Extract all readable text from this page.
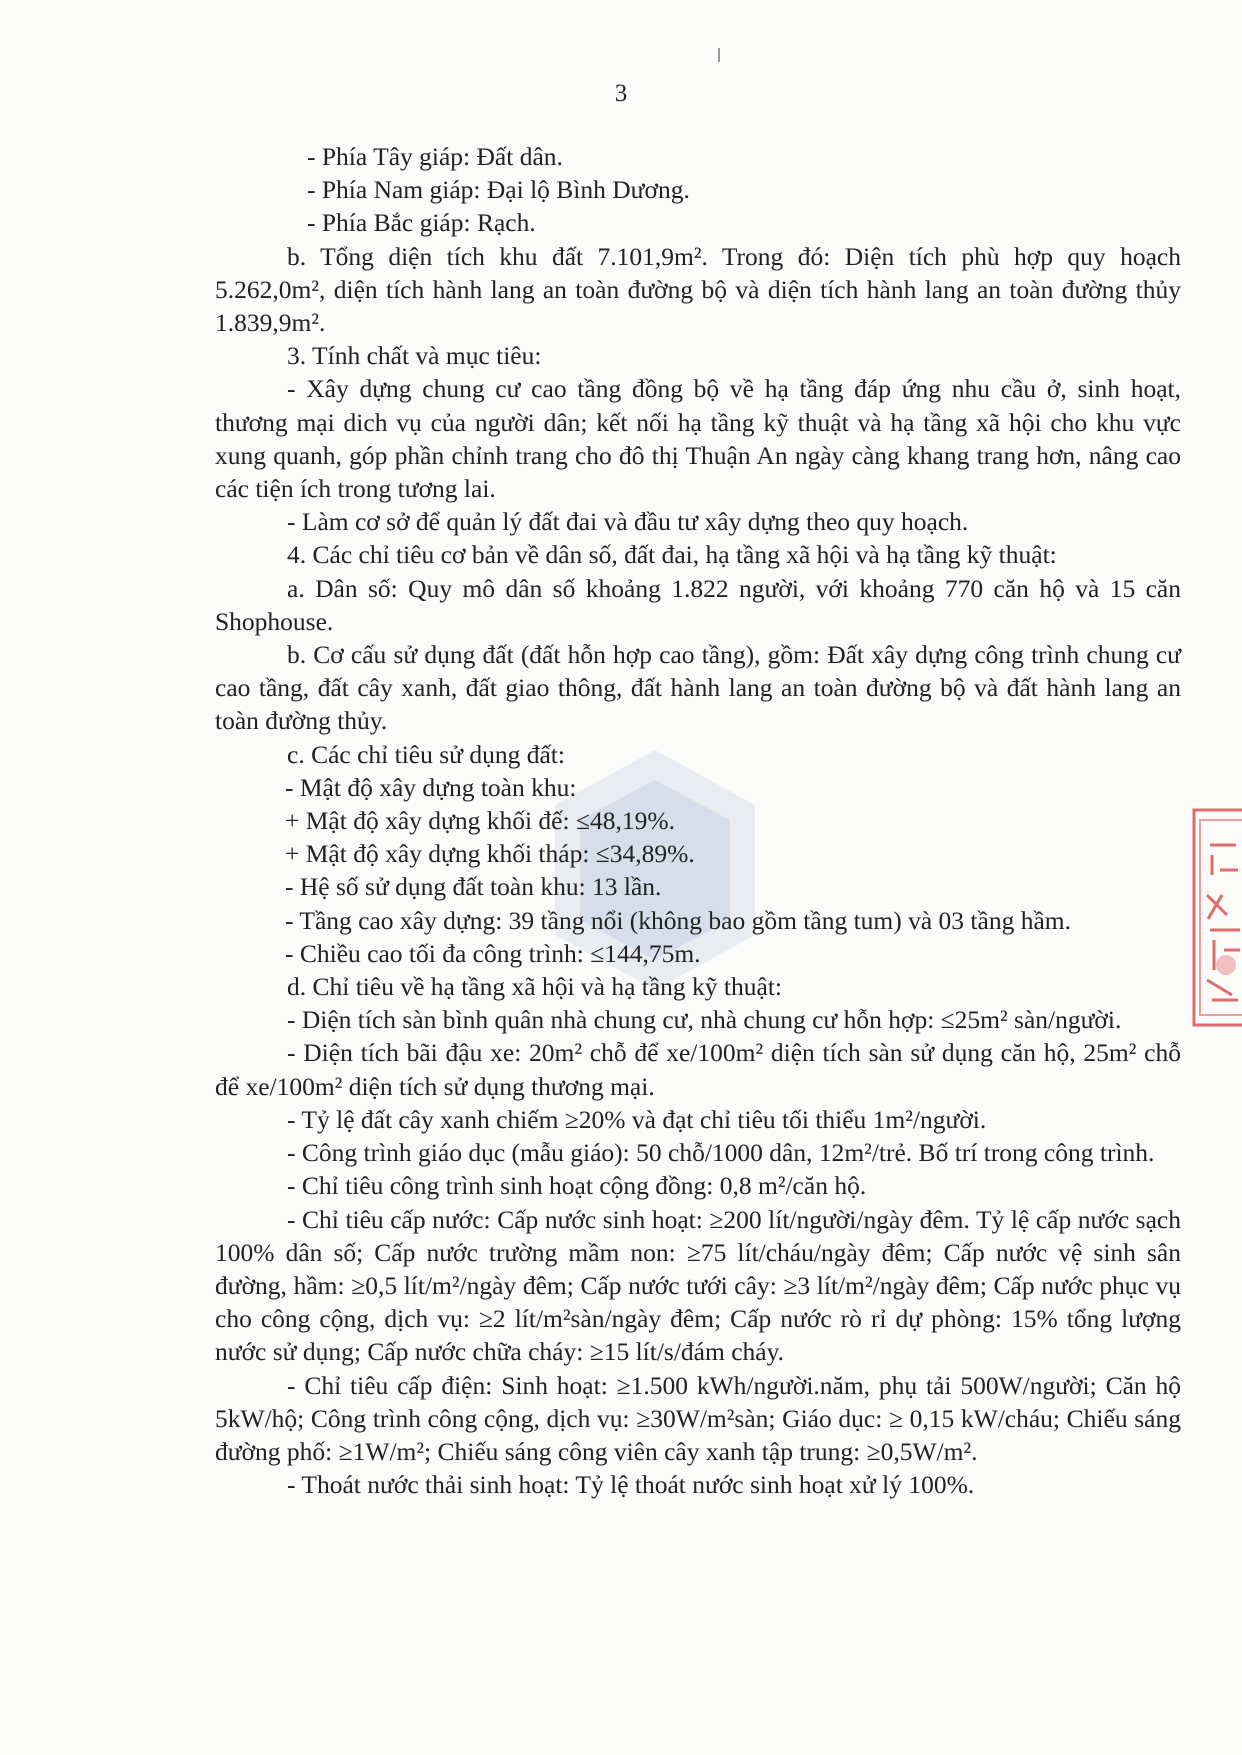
3

- Phía Tây giáp: Đất dân.

- Phía Nam giáp: Đại lộ Bình Dương.

- Phía Bắc giáp: Rạch.

b. Tổng diện tích khu đất 7.101,9m². Trong đó: Diện tích phù hợp quy hoạch 5.262,0m², diện tích hành lang an toàn đường bộ và diện tích hành lang an toàn đường thủy 1.839,9m².

3. Tính chất và mục tiêu:

- Xây dựng chung cư cao tầng đồng bộ về hạ tầng đáp ứng nhu cầu ở, sinh hoạt, thương mại dich vụ của người dân; kết nối hạ tầng kỹ thuật và hạ tầng xã hội cho khu vực xung quanh, góp phần chỉnh trang cho đô thị Thuận An ngày càng khang trang hơn, nâng cao các tiện ích trong tương lai.

- Làm cơ sở để quản lý đất đai và đầu tư xây dựng theo quy hoạch.

4. Các chỉ tiêu cơ bản về dân số, đất đai, hạ tầng xã hội và hạ tầng kỹ thuật:

a. Dân số: Quy mô dân số khoảng 1.822 người, với khoảng 770 căn hộ và 15 căn Shophouse.

b. Cơ cấu sử dụng đất (đất hỗn hợp cao tầng), gồm: Đất xây dựng công trình chung cư cao tầng, đất cây xanh, đất giao thông, đất hành lang an toàn đường bộ và đất hành lang an toàn đường thủy.

c. Các chỉ tiêu sử dụng đất:

- Mật độ xây dựng toàn khu:

+ Mật độ xây dựng khối đế: ≤48,19%.

+ Mật độ xây dựng khối tháp: ≤34,89%.

- Hệ số sử dụng đất toàn khu: 13 lần.

- Tầng cao xây dựng: 39 tầng nổi (không bao gồm tầng tum) và 03 tầng hầm.

- Chiều cao tối đa công trình: ≤144,75m.

d. Chỉ tiêu về hạ tầng xã hội và hạ tầng kỹ thuật:

- Diện tích sàn bình quân nhà chung cư, nhà chung cư hỗn hợp: ≤25m² sàn/người.

- Diện tích bãi đậu xe: 20m² chỗ để xe/100m² diện tích sàn sử dụng căn hộ, 25m² chỗ để xe/100m² diện tích sử dụng thương mại.

- Tỷ lệ đất cây xanh chiếm ≥20% và đạt chỉ tiêu tối thiểu 1m²/người.

- Công trình giáo dục (mẫu giáo): 50 chỗ/1000 dân, 12m²/trẻ. Bố trí trong công trình.

- Chỉ tiêu công trình sinh hoạt cộng đồng: 0,8 m²/căn hộ.

- Chỉ tiêu cấp nước: Cấp nước sinh hoạt: ≥200 lít/người/ngày đêm. Tỷ lệ cấp nước sạch 100% dân số; Cấp nước trường mầm non: ≥75 lít/cháu/ngày đêm; Cấp nước vệ sinh sân đường, hầm: ≥0,5 lít/m²/ngày đêm; Cấp nước tưới cây: ≥3 lít/m²/ngày đêm; Cấp nước phục vụ cho công cộng, dịch vụ: ≥2 lít/m²sàn/ngày đêm; Cấp nước rò rỉ dự phòng: 15% tổng lượng nước sử dụng; Cấp nước chữa cháy: ≥15 lít/s/đám cháy.

- Chỉ tiêu cấp điện: Sinh hoạt: ≥1.500 kWh/người.năm, phụ tải 500W/người; Căn hộ 5kW/hộ; Công trình công cộng, dịch vụ: ≥30W/m²sàn; Giáo dục: ≥ 0,15 kW/cháu; Chiếu sáng đường phố: ≥1W/m²; Chiếu sáng công viên cây xanh tập trung: ≥0,5W/m².

- Thoát nước thải sinh hoạt: Tỷ lệ thoát nước sinh hoạt xử lý 100%.
